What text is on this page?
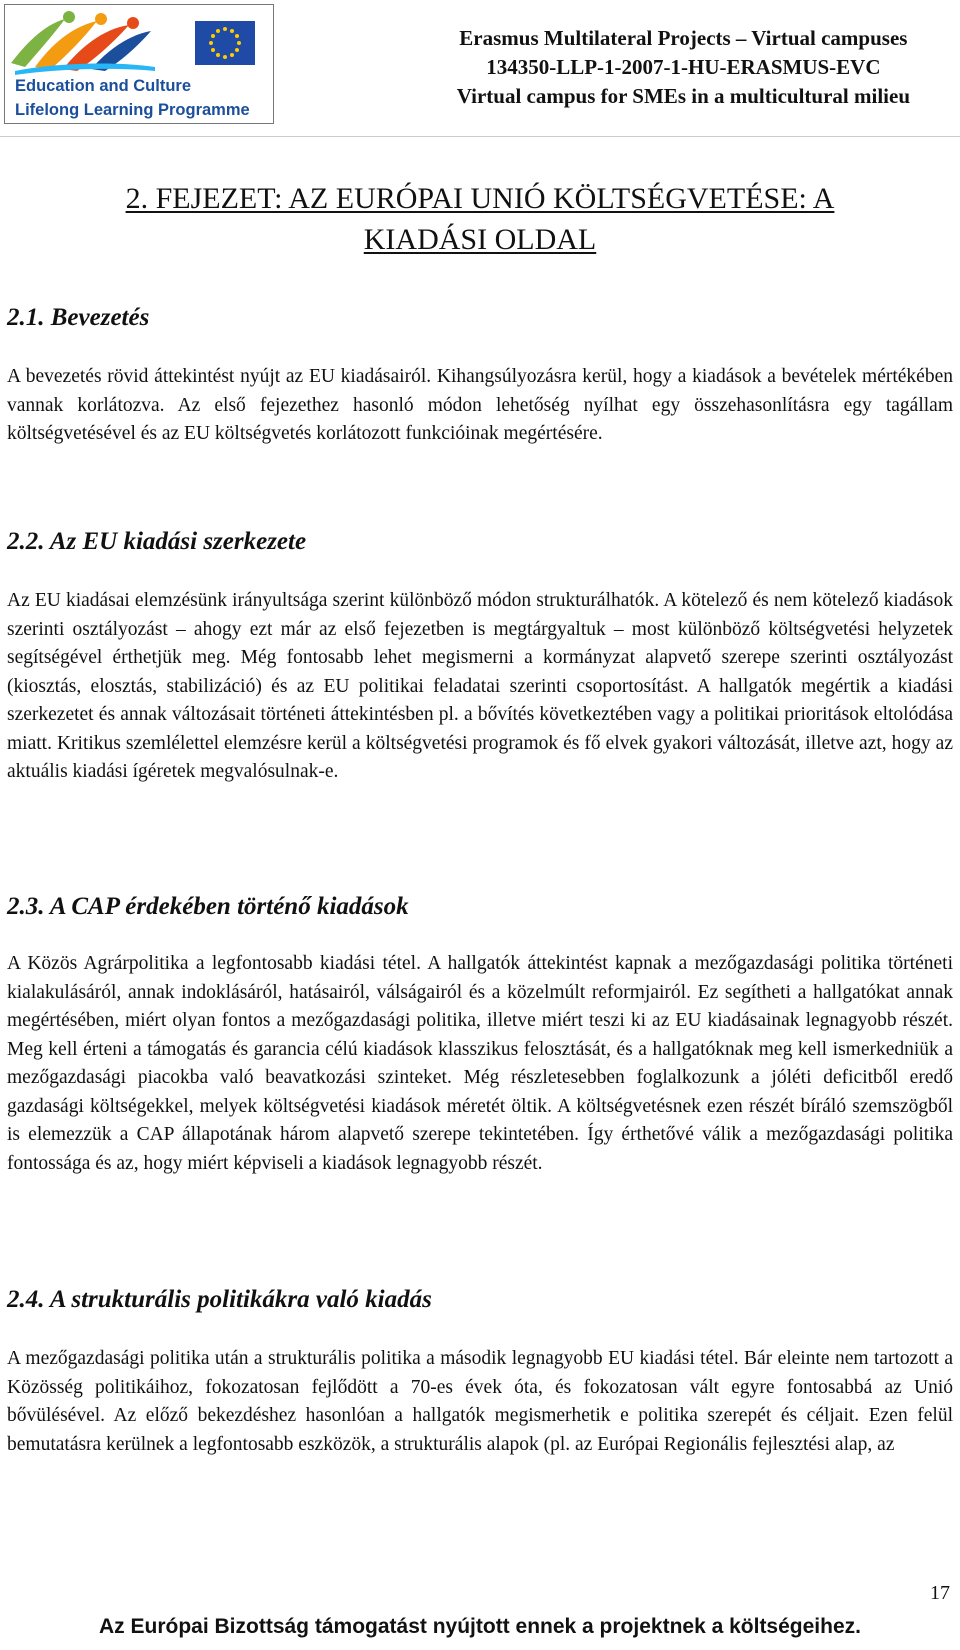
Education and Culture
Lifelong Learning Programme
Erasmus Multilateral Projects – Virtual campuses
134350-LLP-1-2007-1-HU-ERASMUS-EVC
Virtual campus for SMEs in a multicultural milieu
2. FEJEZET: AZ EURÓPAI UNIÓ KÖLTSÉGVETÉSE: A
KIADÁSI OLDAL
2.1. Bevezetés

A bevezetés rövid áttekintést nyújt az EU kiadásairól. Kihangsúlyozásra kerül, hogy a kiadások a bevételek mértékében vannak korlátozva. Az első fejezethez hasonló módon lehetőség nyílhat egy összehasonlításra egy tagállam költségvetésével és az EU költségvetés korlátozott funkcióinak megértésére.

2.2. Az EU kiadási szerkezete

Az EU kiadásai elemzésünk irányultsága szerint különböző módon strukturálhatók. A kötelező és nem kötelező kiadások szerinti osztályozást – ahogy ezt már az első fejezetben is megtárgyaltuk – most különböző költségvetési helyzetek segítségével érthetjük meg. Még fontosabb lehet megismerni a kormányzat alapvető szerepe szerinti osztályozást (kiosztás, elosztás, stabilizáció) és az EU politikai feladatai szerinti csoportosítást. A hallgatók megértik a kiadási szerkezetet és annak változásait történeti áttekintésben pl. a bővítés következtében vagy a politikai prioritások eltolódása miatt. Kritikus szemlélettel elemzésre kerül a költségvetési programok és fő elvek gyakori változását, illetve azt, hogy az aktuális kiadási ígéretek megvalósulnak-e.

2.3. A CAP érdekében történő kiadások

A Közös Agrárpolitika a legfontosabb kiadási tétel. A hallgatók áttekintést kapnak a mezőgazdasági politika történeti kialakulásáról, annak indoklásáról, hatásairól, válságairól és a közelmúlt reformjairól. Ez segítheti a hallgatókat annak megértésében, miért olyan fontos a mezőgazdasági politika, illetve miért teszi ki az EU kiadásainak legnagyobb részét. Meg kell érteni a támogatás és garancia célú kiadások klasszikus felosztását, és a hallgatóknak meg kell ismerkedniük a mezőgazdasági piacokba való beavatkozási szinteket. Még részletesebben foglalkozunk a jóléti deficitből eredő gazdasági költségekkel, melyek költségvetési kiadások méretét öltik. A költségvetésnek ezen részét bíráló szemszögből is elemezzük a CAP állapotának három alapvető szerepe tekintetében. Így érthetővé válik a mezőgazdasági politika fontossága és az, hogy miért képviseli a kiadások legnagyobb részét.

2.4. A strukturális politikákra való kiadás

A mezőgazdasági politika után a strukturális politika a második legnagyobb EU kiadási tétel. Bár eleinte nem tartozott a Közösség politikáihoz, fokozatosan fejlődött a 70-es évek óta, és fokozatosan vált egyre fontosabbá az Unió bővülésével. Az előző bekezdéshez hasonlóan a hallgatók megismerhetik e politika szerepét és céljait. Ezen felül bemutatásra kerülnek a legfontosabb eszközök, a strukturális alapok (pl. az Európai Regionális fejlesztési alap, az

17
Az Európai Bizottság támogatást nyújtott ennek a projektnek a költségeihez.
